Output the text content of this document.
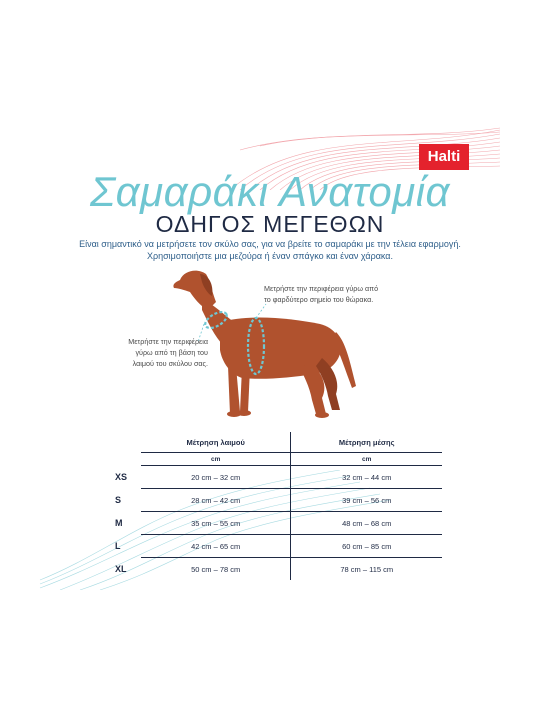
Halti
Σαμαράκι Ανατομία
ΟΔΗΓΟΣ ΜΕΓΕΘΩΝ
Είναι σημαντικό να μετρήσετε τον σκύλο σας, για να βρείτε το σαμαράκι με την τέλεια εφαρμογή.
Χρησιμοποιήστε μια μεζούρα ή έναν σπάγκο και έναν χάρακα.
Μετρήστε την περιφέρεια γύρω από
το φαρδύτερο σημείο του θώρακα.
Μετρήστε την περιφέρεια
γύρω από τη βάση του
λαιμού του σκύλου σας.
	Μέτρηση λαιμού	Μέτρηση μέσης
	cm	cm
XS	20 cm – 32 cm	32 cm – 44 cm
S	28 cm – 42 cm	39 cm – 56 cm
M	35 cm – 55 cm	48 cm – 68 cm
L	42 cm – 65 cm	60 cm – 85 cm
XL	50 cm – 78 cm	78 cm – 115 cm
